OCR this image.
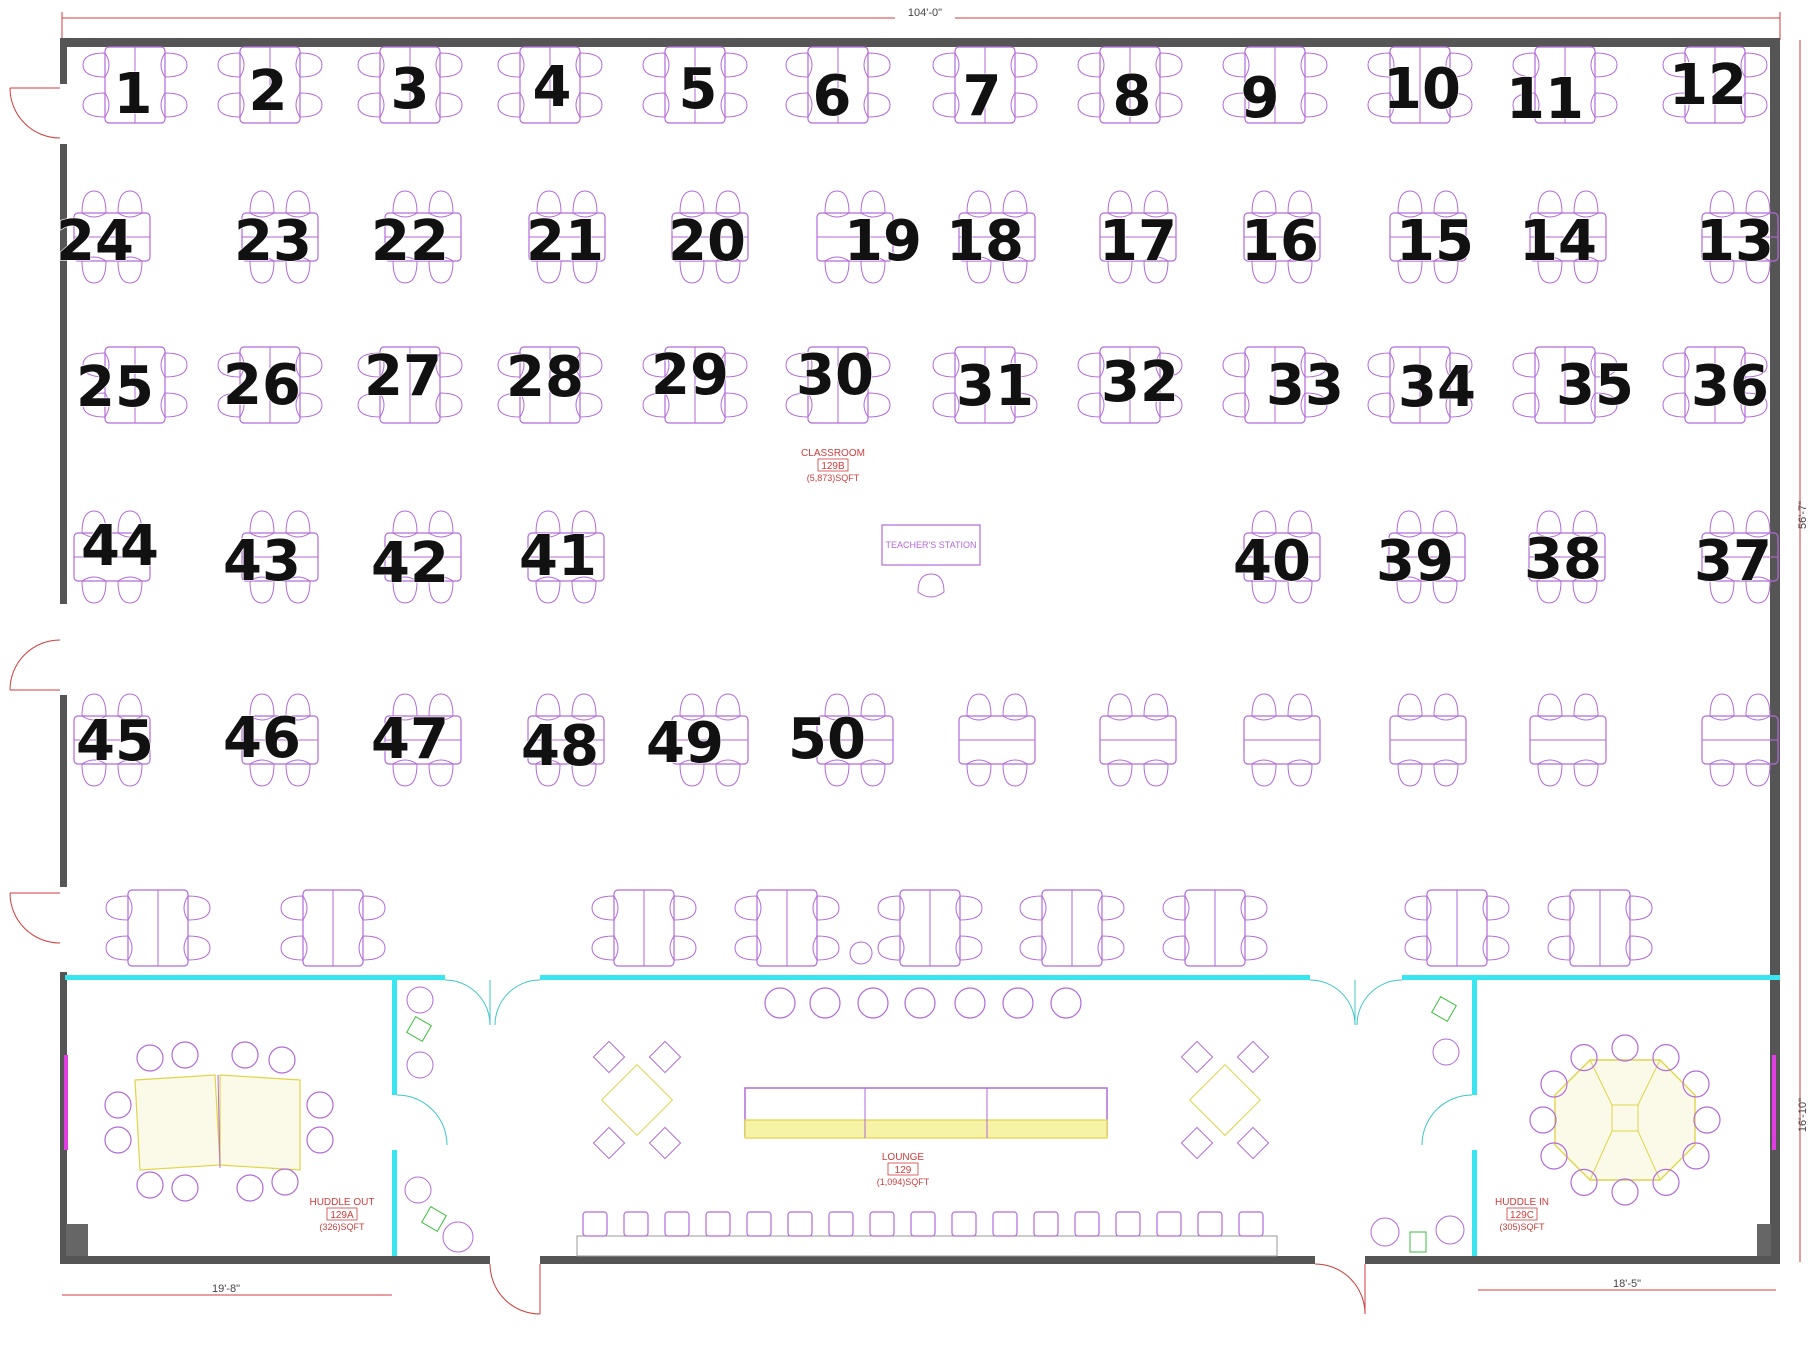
104'-0"
56'-7"
16'-10"
19'-8"	18'-5"
TEACHER'S STATION
CLASSROOM
129B
(5,873)SQFT
LOUNGE
129
(1,094)SQFT
HUDDLE OUT
129A
(326)SQFT
HUDDLE IN
129C
(305)SQFT
1 2 3 4 5 6 7 8 9 10 11 12
13
14
15
16
17
18
19
20
21
22
23
24
25 26 27 28 29 30 31 32 33 34 35 36
37
38
39
40
41
42
43
44
45 46 47 48 49 50
